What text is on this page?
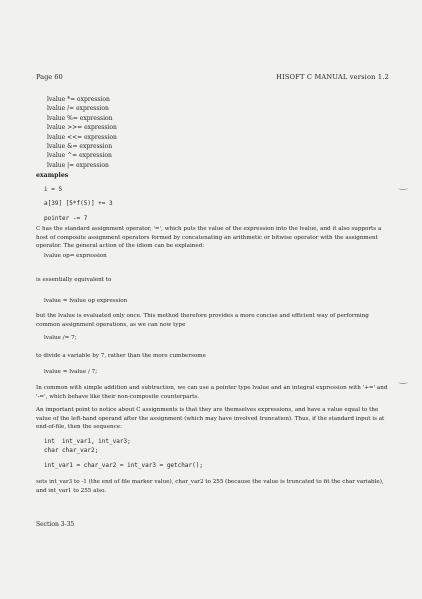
Page 60	HISOFT C MANUAL version 1.2
lvalue *= expression
lvalue /= expression
lvalue %= expression
lvalue >>= expression
lvalue <<= expression
lvalue &= expression
lvalue ^= expression
lvalue |= expression
examples
i = 5
a[39] [5*f(5)] += 3
pointer -= 7
C has the standard assignment operator, '=', which puts the value of the expression into the lvalue, and it also supports a host of composite assignment operators formed by concatenating an arithmetic or bitwise operator with the assignment operator. The general action of the idiom can be explained:
lvalue op= expression
is essentially equivalent to
lvalue = lvalue op expression
but the lvalue is evaluated only once. This method therefore provides a more concise and efficient way of performing common assignment operations, as we can now type
lvalue /= 7;
to divide a variable by 7, rather than the more cumbersome
lvalue = lvalue / 7;
In common with simple addition and subtraction, we can use a pointer type lvalue and an integral expression with '+=' and '-=', which behave like their non-composite counterparts.
An important point to notice about C assignments is that they are themselves expressions, and have a value equal to the value of the left-hand operand after the assignment (which may have involved truncation). Thus, if the standard input is at end-of-file, then the sequence:
int  int_var1, int_var3;
char char_var2;
int_var1 = char_var2 = int_var3 = getchar();
sets int_var3 to -1 (the end of file marker value), char_var2 to 255 (because the value is truncated to fit the char variable), and int_var1 to 255 also.
Section 3-35
